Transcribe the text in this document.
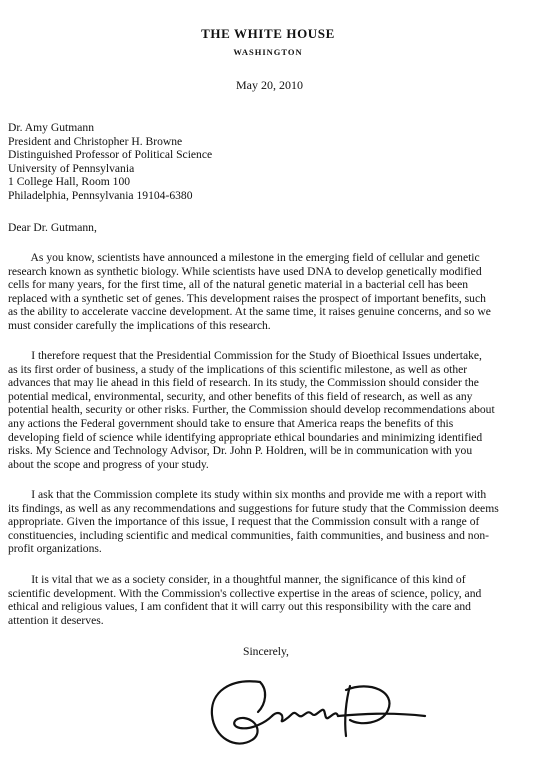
THE WHITE HOUSE
WASHINGTON
May 20, 2010
Dr. Amy Gutmann
President and Christopher H. Browne
Distinguished Professor of Political Science
University of Pennsylvania
1 College Hall, Room 100
Philadelphia, Pennsylvania 19104-6380
Dear Dr. Gutmann,
As you know, scientists have announced a milestone in the emerging field of cellular and genetic
research known as synthetic biology. While scientists have used DNA to develop genetically modified
cells for many years, for the first time, all of the natural genetic material in a bacterial cell has been
replaced with a synthetic set of genes. This development raises the prospect of important benefits, such
as the ability to accelerate vaccine development. At the same time, it raises genuine concerns, and so we
must consider carefully the implications of this research.
I therefore request that the Presidential Commission for the Study of Bioethical Issues undertake,
as its first order of business, a study of the implications of this scientific milestone, as well as other
advances that may lie ahead in this field of research. In its study, the Commission should consider the
potential medical, environmental, security, and other benefits of this field of research, as well as any
potential health, security or other risks. Further, the Commission should develop recommendations about
any actions the Federal government should take to ensure that America reaps the benefits of this
developing field of science while identifying appropriate ethical boundaries and minimizing identified
risks. My Science and Technology Advisor, Dr. John P. Holdren, will be in communication with you
about the scope and progress of your study.
I ask that the Commission complete its study within six months and provide me with a report with
its findings, as well as any recommendations and suggestions for future study that the Commission deems
appropriate. Given the importance of this issue, I request that the Commission consult with a range of
constituencies, including scientific and medical communities, faith communities, and business and non-
profit organizations.
It is vital that we as a society consider, in a thoughtful manner, the significance of this kind of
scientific development. With the Commission's collective expertise in the areas of science, policy, and
ethical and religious values, I am confident that it will carry out this responsibility with the care and
attention it deserves.
Sincerely,
